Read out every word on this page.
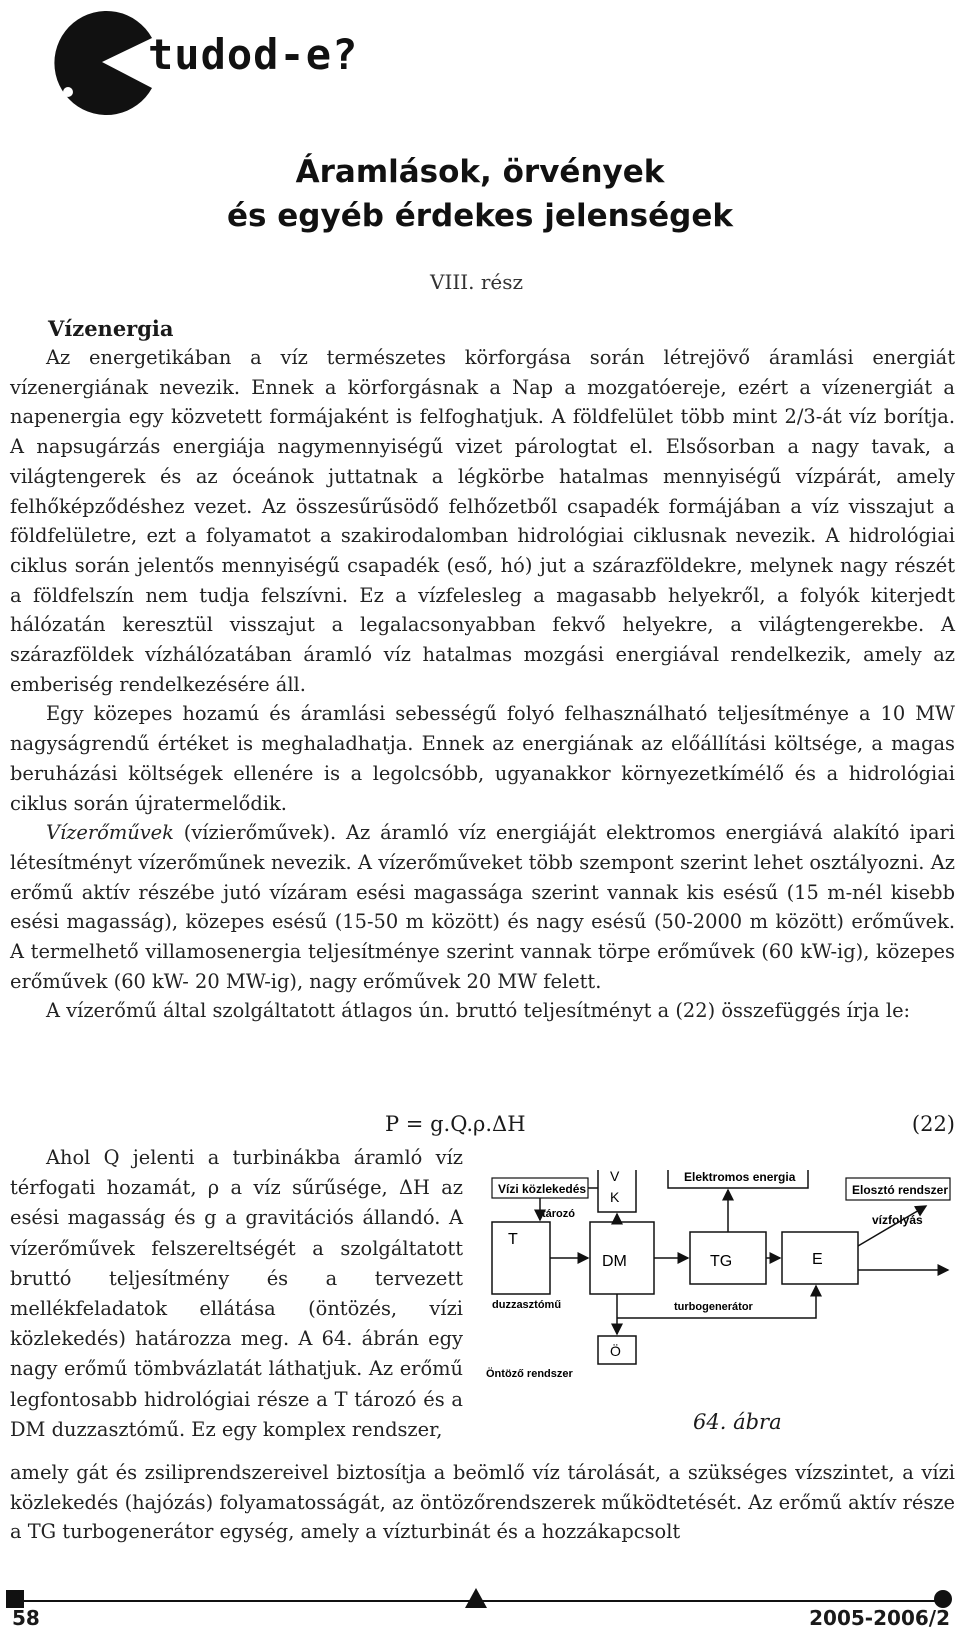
tudod-e?
Áramlások, örvények
és egyéb érdekes jelenségek
VIII. rész
Vízenergia

Az energetikában a víz természetes körforgása során létrejövő áramlási energiát vízenergiának nevezik. Ennek a körforgásnak a Nap a mozgatóereje, ezért a vízenergiát a napenergia egy közvetett formájaként is felfoghatjuk. A földfelület több mint 2/3-át víz borítja. A napsugárzás energiája nagymennyiségű vizet párologtat el. Elsősorban a nagy tavak, a világtengerek és az óceánok juttatnak a légkörbe hatalmas mennyiségű vízpárát, amely felhőképződéshez vezet. Az összesűrűsödő felhőzetből csapadék formájában a víz visszajut a földfelületre, ezt a folyamatot a szakirodalomban hidrológiai ciklusnak nevezik. A hidrológiai ciklus során jelentős mennyiségű csapadék (eső, hó) jut a szárazföldekre, melynek nagy részét a földfelszín nem tudja felszívni. Ez a vízfelesleg a magasabb helyekről, a folyók kiterjedt hálózatán keresztül visszajut a legalacsonyabban fekvő helyekre, a világtengerekbe. A szárazföldek vízhálózatában áramló víz hatalmas mozgási energiával rendelkezik, amely az emberiség rendelkezésére áll.

Egy közepes hozamú és áramlási sebességű folyó felhasználható teljesítménye a 10 MW nagyságrendű értéket is meghaladhatja. Ennek az energiának az előállítási költsége, a magas beruházási költségek ellenére is a legolcsóbb, ugyanakkor környezetkímélő és a hidrológiai ciklus során újratermelődik.

Vízerőművek (vízierőművek). Az áramló víz energiáját elektromos energiává alakító ipari létesítményt vízerőműnek nevezik. A vízerőműveket több szempont szerint lehet osztályozni. Az erőmű aktív részébe jutó vízáram esési magassága szerint vannak kis esésű (15 m-nél kisebb esési magasság), közepes esésű (15-50 m között) és nagy esésű (50-2000 m között) erőművek. A termelhető villamosenergia teljesítménye szerint vannak törpe erőművek (60 kW-ig), közepes erőművek (60 kW- 20 MW-ig), nagy erőművek 20 MW felett.

A vízerőmű által szolgáltatott átlagos ún. bruttó teljesítményt a (22) összefüggés írja le:

P = g.Q.ρ.ΔH	(22)

Ahol Q jelenti a turbinákba áramló víz térfogati hozamát, ρ a víz sűrűsége, ΔH az esési magasság és g a gravitációs állandó. A vízerőművek felszereltségét a szolgáltatott bruttó teljesítmény és a tervezett mellékfeladatok ellátása (öntözés, vízi közlekedés) határozza meg. A 64. ábrán egy nagy erőmű tömbvázlatát láthatjuk. Az erőmű legfontosabb hidrológiai része a T tározó és a DM duzzasztómű. Ez egy komplex rendszer,

Vízi közlekedés
tározó
T
duzzasztómű
V
K
DM
Elektromos energia
TG
turbogenerátor
E
Elosztó rendszer
vízfolyás
Ö
Öntöző rendszer
64. ábra

amely gát és zsiliprendszereivel biztosítja a beömlő víz tárolását, a szükséges vízszintet, a vízi közlekedés (hajózás) folyamatosságát, az öntözőrendszerek működtetését. Az erőmű aktív része a TG turbogenerátor egység, amely a vízturbinát és a hozzákapcsolt

58	2005-2006/2
